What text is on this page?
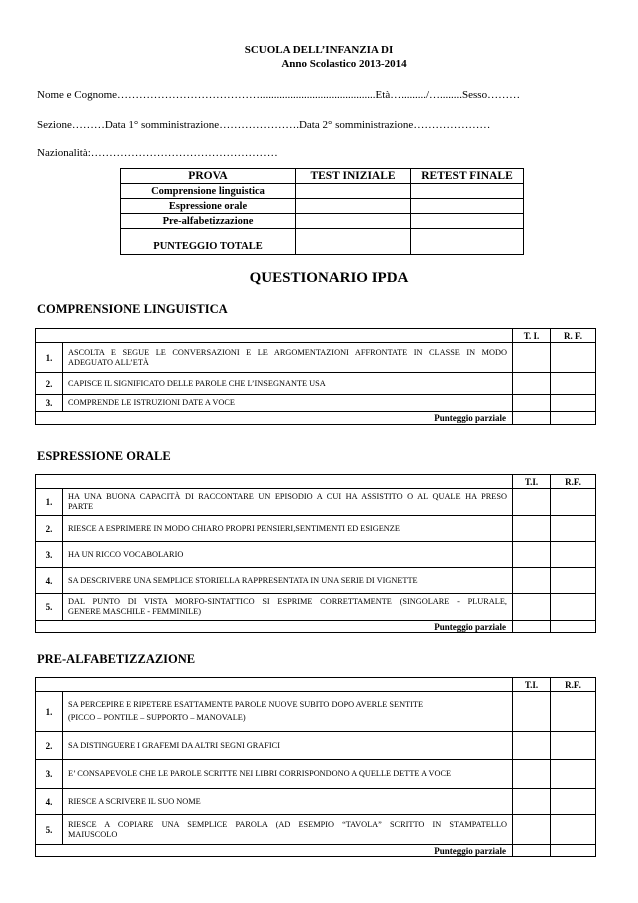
SCUOLA DELL’INFANZIA DI
Anno Scolastico 2013-2014
Nome e Cognome…………………………………..........................................Età…........./…........Sesso………
Sezione………Data 1° somministrazione………………….Data 2° somministrazione…………………
Nazionalità:……………………………………………
PROVA	TEST INIZIALE	RETEST FINALE
Comprensione linguistica		
Espressione orale		
Pre-alfabetizzazione		
PUNTEGGIO TOTALE		
QUESTIONARIO IPDA
COMPRENSIONE LINGUISTICA
		T. I.	R. F.
1.	ASCOLTA E SEGUE LE CONVERSAZIONI E LE ARGOMENTAZIONI AFFRONTATE IN CLASSE IN MODO
ADEGUATO ALL’ETÀ		

2.	CAPISCE IL SIGNIFICATO DELLE PAROLE CHE L’INSEGNANTE USA		
3.	COMPRENDE LE ISTRUZIONI DATE A VOCE		
Punteggio parziale			
ESPRESSIONE ORALE
		T.I.	R.F.
1.	HA UNA BUONA CAPACITÀ DI RACCONTARE UN EPISODIO A CUI HA ASSISTITO O AL QUALE HA PRESO
PARTE		

2.	RIESCE A ESPRIMERE IN MODO CHIARO PROPRI PENSIERI,SENTIMENTI ED ESIGENZE		
3.	HA UN RICCO VOCABOLARIO		
4.	SA DESCRIVERE UNA SEMPLICE STORIELLA RAPPRESENTATA IN UNA SERIE DI VIGNETTE		
5.	DAL PUNTO DI VISTA MORFO-SINTATTICO SI ESPRIME CORRETTAMENTE (SINGOLARE - PLURALE,
GENERE MASCHILE - FEMMINILE)		

Punteggio parziale			
PRE-ALFABETIZZAZIONE
		T.I.	R.F.
1.	SA PERCEPIRE E RIPETERE ESATTAMENTE PAROLE NUOVE SUBITO DOPO AVERLE SENTITE
(PICCO – PONTILE – SUPPORTO – MANOVALE)		

2.	SA DISTINGUERE I GRAFEMI DA ALTRI SEGNI GRAFICI		
3.	E’ CONSAPEVOLE CHE LE PAROLE SCRITTE NEI LIBRI CORRISPONDONO A QUELLE DETTE A VOCE		
4.	RIESCE A SCRIVERE IL SUO NOME		
5.	RIESCE A COPIARE UNA SEMPLICE PAROLA (AD ESEMPIO “TAVOLA” SCRITTO IN STAMPATELLO
MAIUSCOLO		

Punteggio parziale			
